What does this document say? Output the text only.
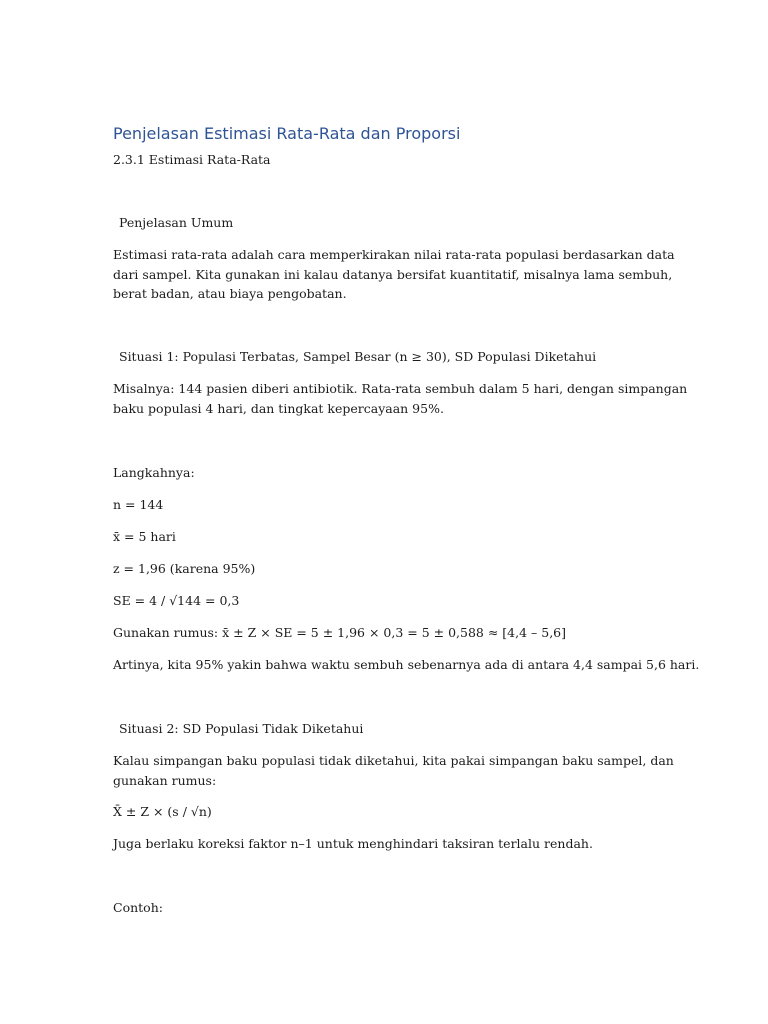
Penjelasan Estimasi Rata-Rata dan Proporsi

2.3.1 Estimasi Rata-Rata

Penjelasan Umum

Estimasi rata-rata adalah cara memperkirakan nilai rata-rata populasi berdasarkan data
dari sampel. Kita gunakan ini kalau datanya bersifat kuantitatif, misalnya lama sembuh,
berat badan, atau biaya pengobatan.

Situasi 1: Populasi Terbatas, Sampel Besar (n ≥ 30), SD Populasi Diketahui

Misalnya: 144 pasien diberi antibiotik. Rata-rata sembuh dalam 5 hari, dengan simpangan
baku populasi 4 hari, dan tingkat kepercayaan 95%.

Langkahnya:

n = 144

x̄ = 5 hari

z = 1,96 (karena 95%)

SE = 4 / √144 = 0,3

Gunakan rumus: x̄ ± Z × SE = 5 ± 1,96 × 0,3 = 5 ± 0,588 ≈ [4,4 – 5,6]

Artinya, kita 95% yakin bahwa waktu sembuh sebenarnya ada di antara 4,4 sampai 5,6 hari.

Situasi 2: SD Populasi Tidak Diketahui

Kalau simpangan baku populasi tidak diketahui, kita pakai simpangan baku sampel, dan
gunakan rumus:

X̄ ± Z × (s / √n)

Juga berlaku koreksi faktor n–1 untuk menghindari taksiran terlalu rendah.

Contoh:
